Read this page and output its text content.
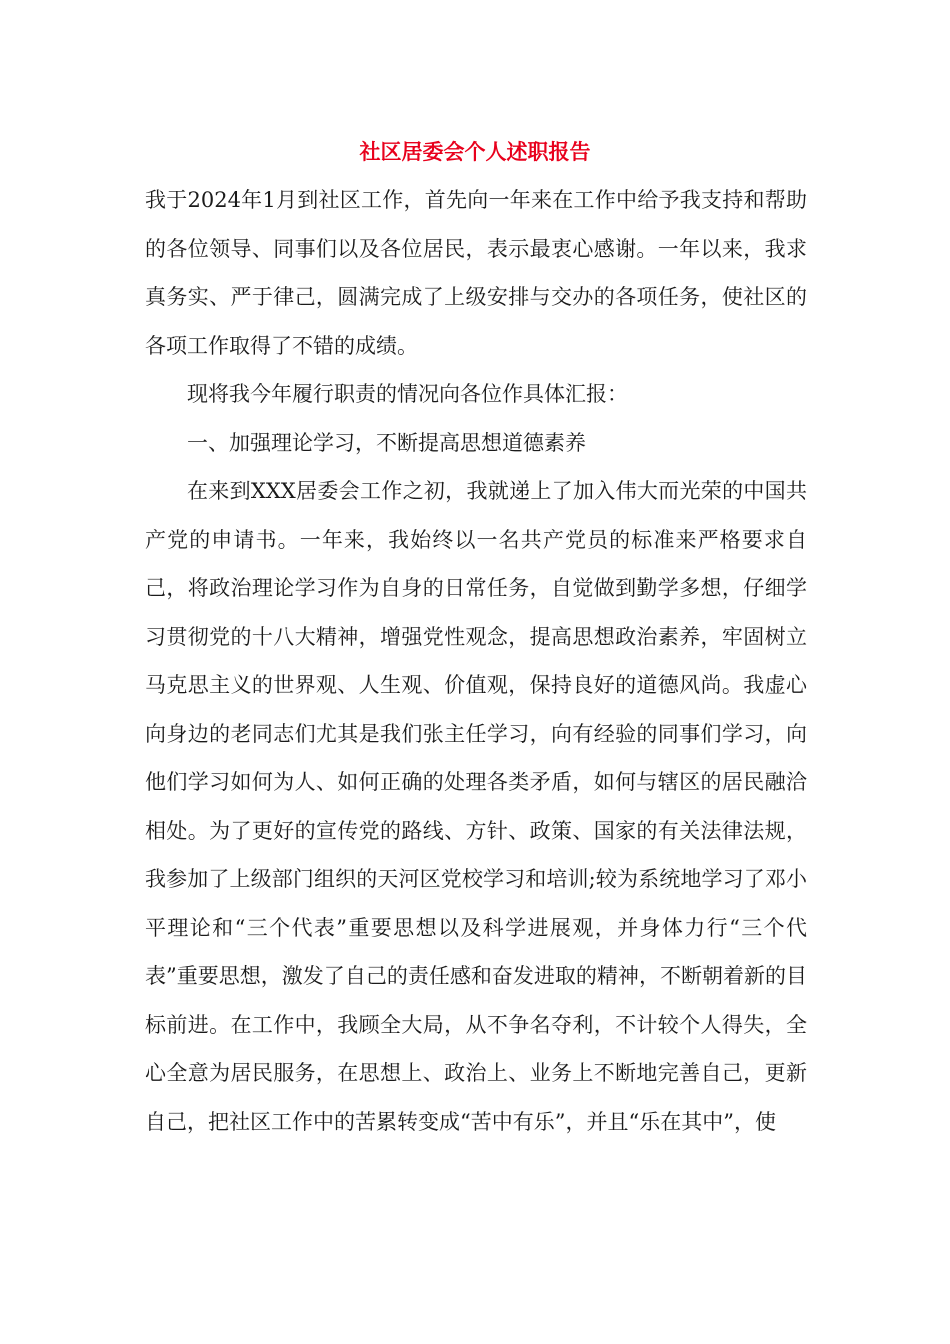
社区居委会个人述职报告

我于2024年1月到社区工作，首先向一年来在工作中给予我支持和帮助的各位领导、同事们以及各位居民，表示最衷心感谢。一年以来，我求真务实、严于律己，圆满完成了上级安排与交办的各项任务，使社区的各项工作取得了不错的成绩。

现将我今年履行职责的情况向各位作具体汇报：

一、加强理论学习，不断提高思想道德素养

在来到XXX居委会工作之初，我就递上了加入伟大而光荣的中国共产党的申请书。一年来，我始终以一名共产党员的标准来严格要求自己，将政治理论学习作为自身的日常任务，自觉做到勤学多想，仔细学习贯彻党的十八大精神，增强党性观念，提高思想政治素养，牢固树立马克思主义的世界观、人生观、价值观，保持良好的道德风尚。我虚心向身边的老同志们尤其是我们张主任学习，向有经验的同事们学习，向他们学习如何为人、如何正确的处理各类矛盾，如何与辖区的居民融洽相处。为了更好的宣传党的路线、方针、政策、国家的有关法律法规，我参加了上级部门组织的天河区党校学习和培训;较为系统地学习了邓小平理论和“三个代表”重要思想以及科学进展观，并身体力行“三个代表”重要思想，激发了自己的责任感和奋发进取的精神，不断朝着新的目标前进。在工作中，我顾全大局，从不争名夺利，不计较个人得失，全心全意为居民服务，在思想上、政治上、业务上不断地完善自己，更新自己，把社区工作中的苦累转变成“苦中有乐”，并且“乐在其中”，使
